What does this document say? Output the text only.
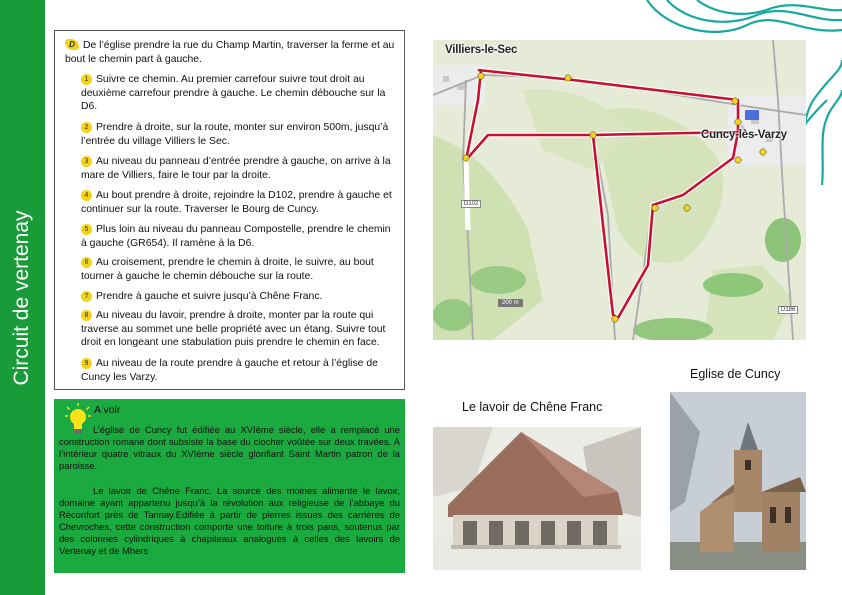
Circuit de vertenay
D De l’église prendre la rue du Champ Martin, traverser la ferme et au bout le chemin part à gauche.
1 Suivre ce chemin. Au premier carrefour suivre tout droit au deuxième carrefour prendre à gauche. Le chemin débouche sur la D6.
2 Prendre à droite, sur la route, monter sur environ 500m, jusqu’à l’entrée du village Villiers le Sec.
3 Au niveau du panneau d’entrée prendre à gauche, on arrive à la mare de Villiers, faire le tour par la droite.
4 Au bout prendre à droite, rejoindre la D102, prendre à gauche et continuer sur la route. Traverser le Bourg de Cuncy.
5 Plus loin au niveau du panneau Compostelle, prendre le chemin à gauche (GR654). Il ramène à la D6.
6 Au croisement, prendre le chemin à droite, le suivre, au bout tourner à gauche le chemin débouche sur la route.
7 Prendre à gauche et suivre jusqu’à Chêne Franc.
8 Au niveau du lavoir, prendre à droite, monter par la route qui traverse au sommet une belle propriété avec un étang. Suivre tout droit en longeant une stabulation puis prendre le chemin en face.
9 Au niveau de la route prendre à gauche et retour à l’église de Cuncy les Varzy.
A voir
L’église de Cuncy fut édifiée au XVIème siècle, elle a remplacé une construction romane dont subsiste la base du clocher voûtée sur deux travées. A l’intérieur quatre vitraux du XVIème siècle glorifiant Saint Martin patron de la paroisse.
Le lavoir de Chêne Franc. La source des moines alimente le lavoir, domaine ayant appartenu jusqu’à la révolution aux religieuse de l’abbaye du Réconfort près de Tannay.Edifiée à partir de pierres issues des carrières de Chevroches, cette construction comporte une toiture à trois pans, soutenus par des colonnes cylindriques à chapiteaux analogues à celles des lavoirs de Vertenay et de Mhers
Villiers-le-Sec
Cuncy-lès-Varzy
D102
D186
200 m
Le lavoir de Chêne Franc
Eglise de Cuncy
